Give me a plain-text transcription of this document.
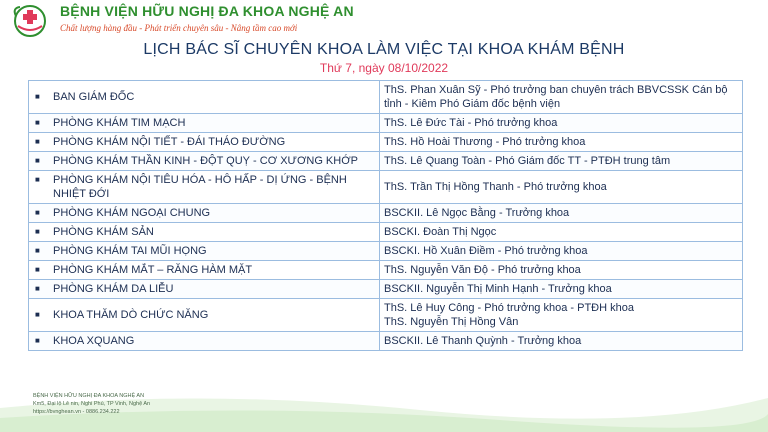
BỆNH VIỆN HỮU NGHỊ ĐA KHOA NGHỆ AN
Chất lượng hàng đầu - Phát triển chuyên sâu - Nâng tầm cao mới
LỊCH BÁC SĨ CHUYÊN KHOA LÀM VIỆC TẠI KHOA KHÁM BỆNH
Thứ 7, ngày 08/10/2022
■ BAN GIÁM ĐỐC	ThS. Phan Xuân Sỹ - Phó trưởng ban chuyên trách BBVCSSK Cán bộ tỉnh - Kiêm Phó Giám đốc bệnh viện

■ PHÒNG KHÁM TIM MẠCH	ThS. Lê Đức Tài - Phó trưởng khoa

■ PHÒNG KHÁM NỘI TIẾT - ĐÁI THÁO ĐƯỜNG	ThS. Hồ Hoài Thương - Phó trưởng khoa

■ PHÒNG KHÁM THẦN KINH - ĐỘT QUỴ - CƠ XƯƠNG KHỚP	ThS. Lê Quang Toàn - Phó Giám đốc TT - PTĐH trung tâm

■ PHÒNG KHÁM NỘI TIÊU HÓA - HÔ HẤP - DỊ ỨNG - BỆNH NHIỆT ĐỚI	ThS. Trần Thị Hồng Thanh - Phó trưởng khoa

■ PHÒNG KHÁM NGOẠI CHUNG	BSCKII. Lê Ngọc Bằng - Trưởng khoa

■ PHÒNG KHÁM SẢN	BSCKI. Đoàn Thị Ngọc

■ PHÒNG KHÁM TAI MŨI HỌNG	BSCKI. Hồ Xuân Điềm - Phó trưởng khoa

■ PHÒNG KHÁM MẮT – RĂNG HÀM MẶT	ThS. Nguyễn Văn Độ - Phó trưởng khoa

■ PHÒNG KHÁM DA LIỄU	BSCKII. Nguyễn Thị Minh Hạnh - Trưởng khoa

■ KHOA THĂM DÒ CHỨC NĂNG	ThS. Lê Huy Công - Phó trưởng khoa - PTĐH khoa
ThS. Nguyễn Thị Hồng Vân

■ KHOA XQUANG	BSCKII. Lê Thanh Quỳnh - Trưởng khoa
BỆNH VIỆN HỮU NGHỊ ĐA KHOA NGHỆ AN
Km5, Đại lộ Lê nin, Nghi Phú, TP Vinh, Nghệ An
https://bvnghean.vn - 0886.234.222
